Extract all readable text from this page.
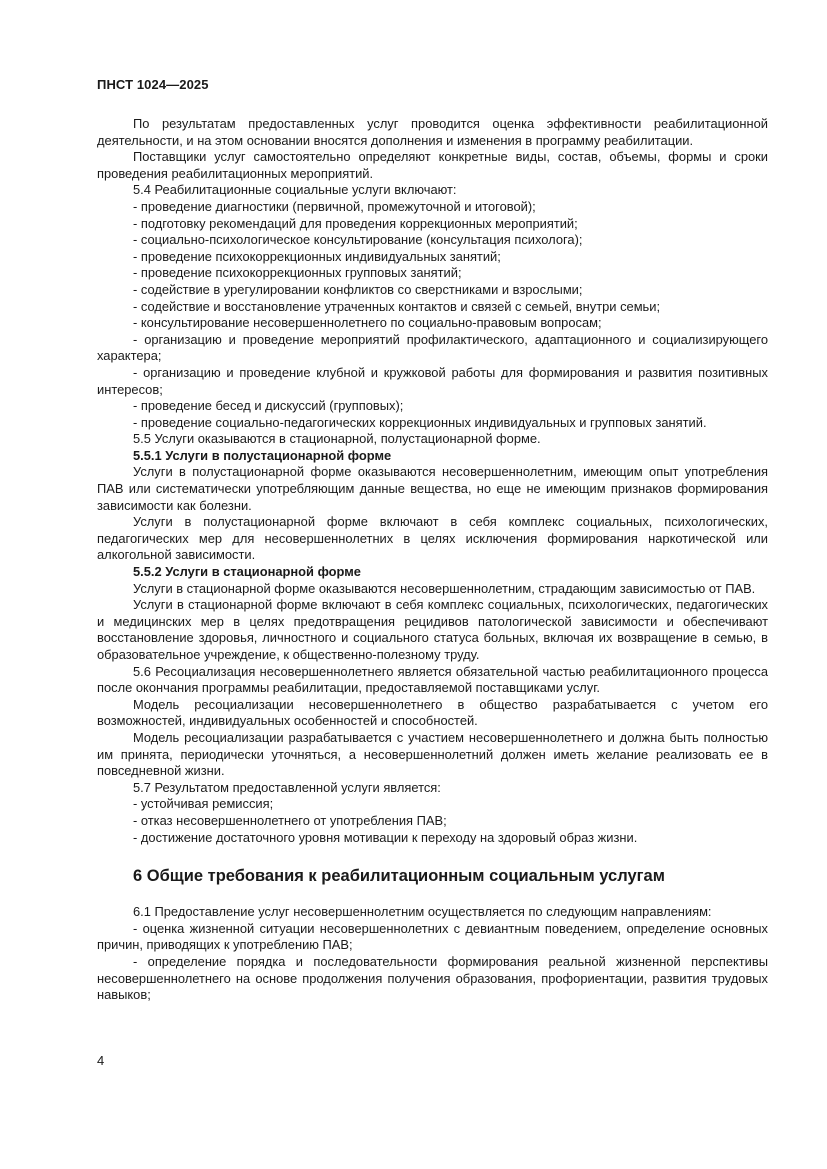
ПНСТ 1024—2025

По результатам предоставленных услуг проводится оценка эффективности реабилитационной деятельности, и на этом основании вносятся дополнения и изменения в программу реабилитации.

Поставщики услуг самостоятельно определяют конкретные виды, состав, объемы, формы и сроки проведения реабилитационных мероприятий.

5.4 Реабилитационные социальные услуги включают:

- проведение диагностики (первичной, промежуточной и итоговой);

- подготовку рекомендаций для проведения коррекционных мероприятий;

- социально-психологическое консультирование (консультация психолога);

- проведение психокоррекционных индивидуальных занятий;

- проведение психокоррекционных групповых занятий;

- содействие в урегулировании конфликтов со сверстниками и взрослыми;

- содействие и восстановление утраченных контактов и связей с семьей, внутри семьи;

- консультирование несовершеннолетнего по социально-правовым вопросам;

- организацию и проведение мероприятий профилактического, адаптационного и социализирующего характера;

- организацию и проведение клубной и кружковой работы для формирования и развития позитивных интересов;

- проведение бесед и дискуссий (групповых);

- проведение социально-педагогических коррекционных индивидуальных и групповых занятий.

5.5 Услуги оказываются в стационарной, полустационарной форме.

5.5.1 Услуги в полустационарной форме

Услуги в полустационарной форме оказываются несовершеннолетним, имеющим опыт употребления ПАВ или систематически употребляющим данные вещества, но еще не имеющим признаков формирования зависимости как болезни.

Услуги в полустационарной форме включают в себя комплекс социальных, психологических, педагогических мер для несовершеннолетних в целях исключения формирования наркотической или алкогольной зависимости.

5.5.2 Услуги в стационарной форме

Услуги в стационарной форме оказываются несовершеннолетним, страдающим зависимостью от ПАВ.

Услуги в стационарной форме включают в себя комплекс социальных, психологических, педагогических и медицинских мер в целях предотвращения рецидивов патологической зависимости и обеспечивают восстановление здоровья, личностного и социального статуса больных, включая их возвращение в семью, в образовательное учреждение, к общественно-полезному труду.

5.6 Ресоциализация несовершеннолетнего является обязательной частью реабилитационного процесса после окончания программы реабилитации, предоставляемой поставщиками услуг.

Модель ресоциализации несовершеннолетнего в общество разрабатывается с учетом его возможностей, индивидуальных особенностей и способностей.

Модель ресоциализации разрабатывается с участием несовершеннолетнего и должна быть полностью им принята, периодически уточняться, а несовершеннолетний должен иметь желание реализовать ее в повседневной жизни.

5.7 Результатом предоставленной услуги является:

- устойчивая ремиссия;

- отказ несовершеннолетнего от употребления ПАВ;

- достижение достаточного уровня мотивации к переходу на здоровый образ жизни.

6 Общие требования к реабилитационным социальным услугам

6.1 Предоставление услуг несовершеннолетним осуществляется по следующим направлениям:

- оценка жизненной ситуации несовершеннолетних с девиантным поведением, определение основных причин, приводящих к употреблению ПАВ;

- определение порядка и последовательности формирования реальной жизненной перспективы несовершеннолетнего на основе продолжения получения образования, профориентации, развития трудовых навыков;

4
